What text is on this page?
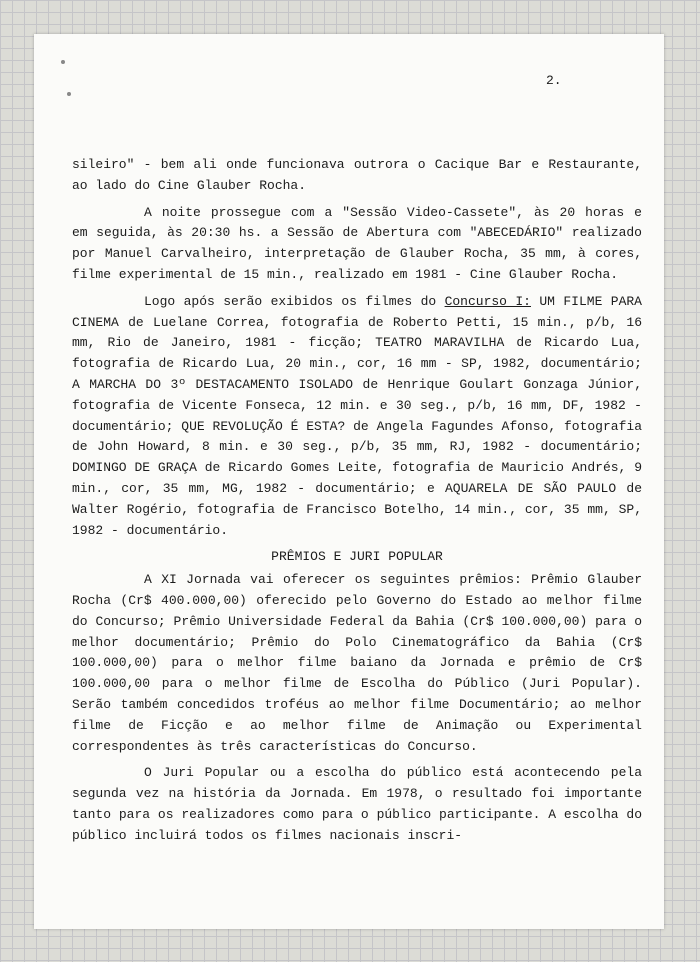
2.

sileiro" - bem ali onde funcionava outrora o Cacique Bar e Restaurante, ao lado do Cine Glauber Rocha.

A noite prossegue com a "Sessão Video-Cassete", às 20 horas e em seguida, às 20:30 hs. a Sessão de Abertura com "ABECEDÁRIO" realizado por Manuel Carvalheiro, interpretação de Glauber Rocha, 35 mm, à cores, filme experimental de 15 min., realizado em 1981 - Cine Glauber Rocha.

Logo após serão exibidos os filmes do Concurso I: UM FILME PARA CINEMA de Luelane Correa, fotografia de Roberto Petti, 15 min., p/b, 16 mm, Rio de Janeiro, 1981 - ficção; TEATRO MARAVILHA de Ricardo Lua, fotografia de Ricardo Lua, 20 min., cor, 16 mm - SP, 1982, documentário; A MARCHA DO 3º DESTACAMENTO ISOLADO de Henrique Goulart Gonzaga Júnior, fotografia de Vicente Fonseca, 12 min. e 30 seg., p/b, 16 mm, DF, 1982 - documentário; QUE REVOLUÇÃO É ESTA? de Angela Fagundes Afonso, fotografia de John Howard, 8 min. e 30 seg., p/b, 35 mm, RJ, 1982 - documentário; DOMINGO DE GRAÇA de Ricardo Gomes Leite, fotografia de Mauricio Andrés, 9 min., cor, 35 mm, MG, 1982 - documentário; e AQUARELA DE SÃO PAULO de Walter Rogério, fotografia de Francisco Botelho, 14 min., cor, 35 mm, SP, 1982 - documentário.

PRÊMIOS E JURI POPULAR

A XI Jornada vai oferecer os seguintes prêmios: Prêmio Glauber Rocha (Cr$ 400.000,00) oferecido pelo Governo do Estado ao melhor filme do Concurso; Prêmio Universidade Federal da Bahia (Cr$ 100.000,00) para o melhor documentário; Prêmio do Polo Cinematográfico da Bahia (Cr$ 100.000,00) para o melhor filme baiano da Jornada e prêmio de Cr$ 100.000,00 para o melhor filme de Escolha do Público (Juri Popular). Serão também concedidos troféus ao melhor filme Documentário; ao melhor filme de Ficção e ao melhor filme de Animação ou Experimental correspondentes às três características do Concurso.

O Juri Popular ou a escolha do público está acontecendo pela segunda vez na história da Jornada. Em 1978, o resultado foi importante tanto para os realizadores como para o público participante. A escolha do público incluirá todos os filmes nacionais inscri-
